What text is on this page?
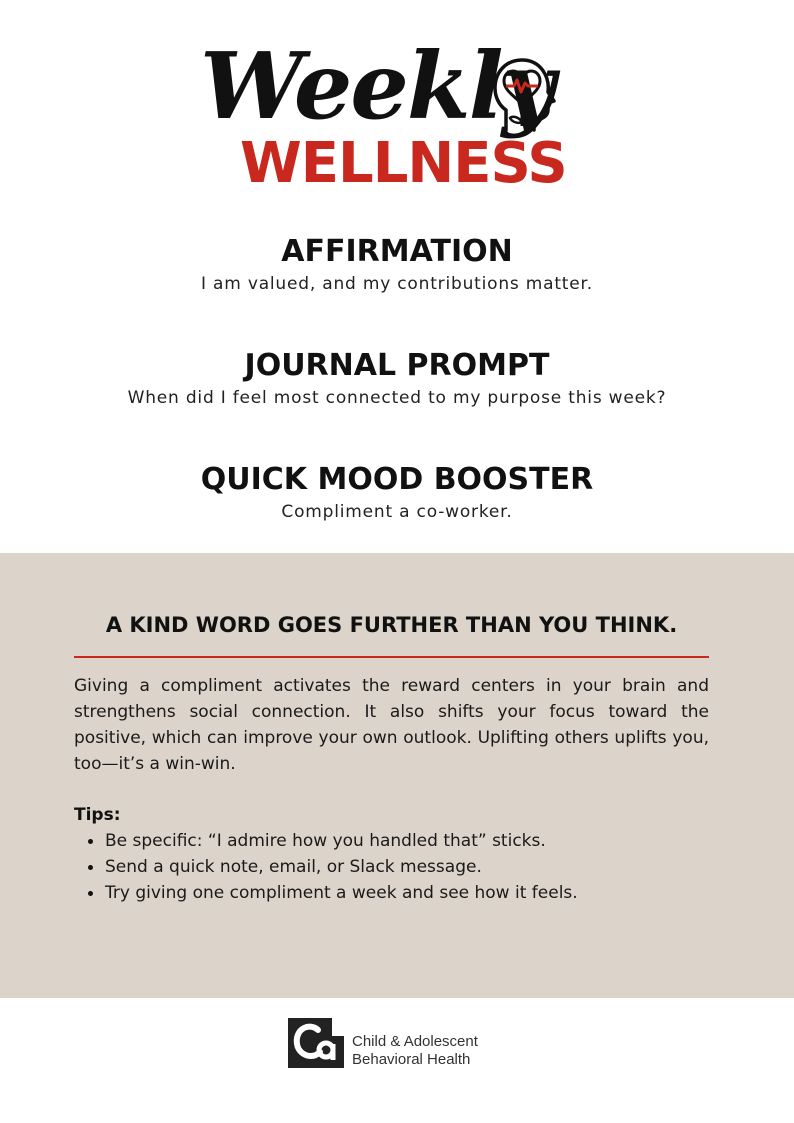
Weekly
WELLNESS
AFFIRMATION

I am valued, and my contributions matter.

JOURNAL PROMPT

When did I feel most connected to my purpose this week?

QUICK MOOD BOOSTER

Compliment a co-worker.

A KIND WORD GOES FURTHER THAN YOU THINK.

Giving a compliment activates the reward centers in your brain and strengthens social connection. It also shifts your focus toward the positive, which can improve your own outlook. Uplifting others uplifts you, too—it’s a win-win.

Tips:

Be specific: “I admire how you handled that” sticks.
Send a quick note, email, or Slack message.
Try giving one compliment a week and see how it feels.

Child & Adolescent
Behavioral Health
